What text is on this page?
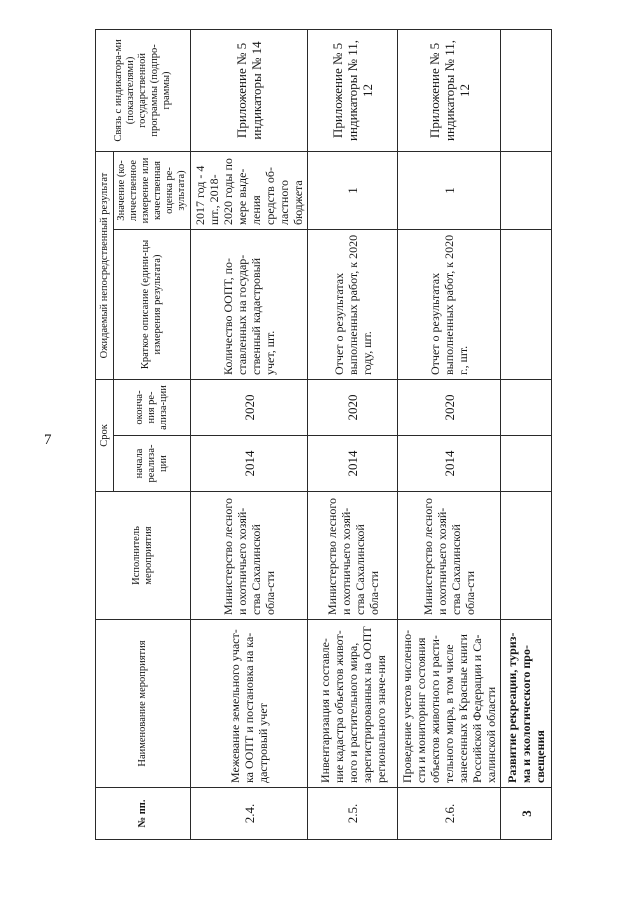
7
№ пп.	Наименование мероприятия	Исполнитель мероприятия	Срок		Ожидаемый непосредственный результат		Связь с индикатора-ми (показателями) государственной программы (подпро-граммы)
			начала реализа-ции	оконча-ния ре-ализа-ции	Краткое описание (едини-цы измерения результата)	Значение (ко-личественное измерение или качественная оценка ре-зультата)	
2.4.	Межевание земельного участ-ка ООПТ и постановка на ка-дастровый учет	Министерство лесного и охотничьего хозяй-ства Сахалинской обла-сти	2014	2020	Количество ООПТ, по-ставленных на государ-ственный кадастровый учет, шт.	2017 год - 4 шт., 2018-2020 годы по мере выде-ления средств об-ластного бюджета	Приложение № 5 индикаторы № 14
2.5.	Инвентаризация и составле-ние кадастра объектов живот-ного и растительного мира, зарегистрированных на ООПТ регионального значе-ния	Министерство лесного и охотничьего хозяй-ства Сахалинской обла-сти	2014	2020	Отчет о результатах выполненных работ, к 2020 году, шт.	1	Приложение № 5 индикаторы № 11, 12
2.6.	Проведение учетов численно-сти и мониторинг состояния объектов животного и расти-тельного мира, в том числе занесенных в Красные книги Российской Федерации и Са-халинской области	Министерство лесного и охотничьего хозяй-ства Сахалинской обла-сти	2014	2020	Отчет о результатах выполненных работ, к 2020 г., шт.	1	Приложение № 5 индикаторы № 11, 12
3	Развитие рекреации, туриз-ма и экологического про-свещения						
